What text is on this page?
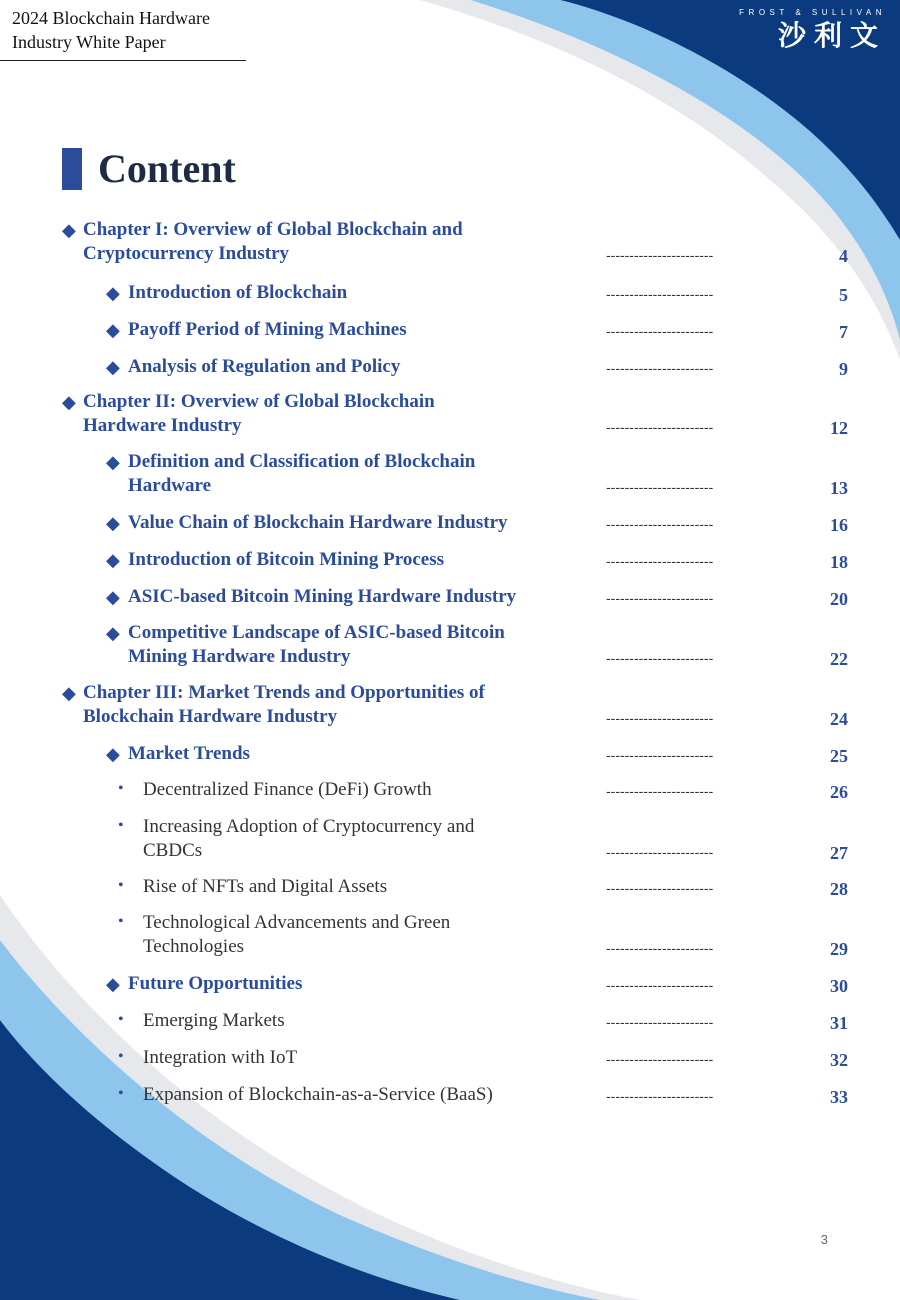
2024 Blockchain Hardware
Industry White Paper
FROST & SULLIVAN
沙利文
Content
◆ Chapter I: Overview of Global Blockchain and
Cryptocurrency Industry	-----------------------	4
◆ Introduction of Blockchain	-----------------------	5
◆ Payoff Period of Mining Machines	-----------------------	7
◆ Analysis of Regulation and Policy	-----------------------	9
◆ Chapter II: Overview of Global Blockchain
Hardware Industry	-----------------------	12
◆ Definition and Classification of Blockchain
Hardware	-----------------------	13
◆ Value Chain of Blockchain Hardware Industry	-----------------------	16
◆ Introduction of Bitcoin Mining Process	-----------------------	18
◆ ASIC-based Bitcoin Mining Hardware Industry	-----------------------	20
◆ Competitive Landscape of ASIC-based Bitcoin
Mining Hardware Industry	-----------------------	22
◆ Chapter III: Market Trends and Opportunities of
Blockchain Hardware Industry	-----------------------	24
◆ Market Trends	-----------------------	25
• Decentralized Finance (DeFi) Growth	-----------------------	26
• Increasing Adoption of Cryptocurrency and
CBDCs	-----------------------	27
• Rise of NFTs and Digital Assets	-----------------------	28
• Technological Advancements and Green
Technologies	-----------------------	29
◆ Future Opportunities	-----------------------	30
• Emerging Markets	-----------------------	31
• Integration with IoT	-----------------------	32
• Expansion of Blockchain-as-a-Service (BaaS)	-----------------------	33
3
